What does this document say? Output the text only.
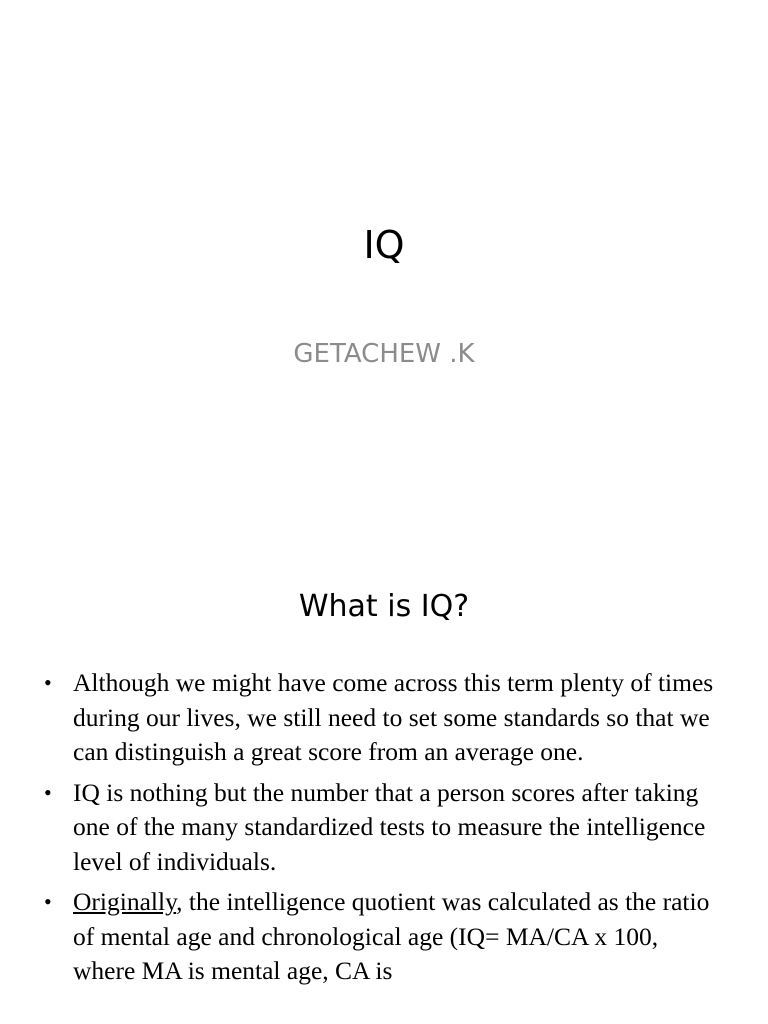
IQ
GETACHEW .K
What is IQ?
• Although we might have come across this term plenty of times during our lives, we still need to set some standards so that we can distinguish a great score from an average one.
• IQ is nothing but the number that a person scores after taking one of the many standardized tests to measure the intelligence level of individuals.
• Originally, the intelligence quotient was calculated as the ratio of mental age and chronological age (IQ= MA/CA x 100, where MA is mental age, CA is
